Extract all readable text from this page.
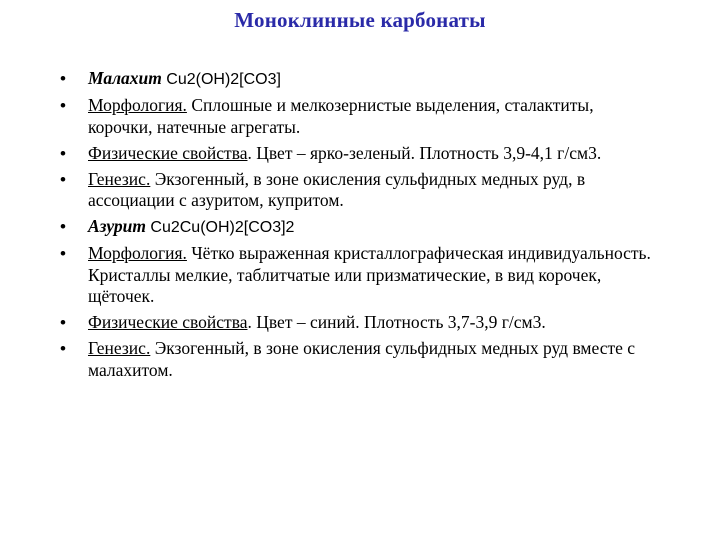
Моноклинные карбонаты
• Малахит Cu2(OH)2[CO3]
• Морфология. Сплошные и мелкозернистые выделения, сталактиты, корочки, натечные агрегаты.
• Физические свойства. Цвет – ярко-зеленый. Плотность 3,9-4,1 г/см3.
• Генезис. Экзогенный, в зоне окисления сульфидных медных руд, в ассоциации с азуритом, купритом.
• Азурит Cu2Cu(OH)2[CO3]2
• Морфология. Чётко выраженная кристаллографическая индивидуальность. Кристаллы мелкие, таблитчатые или призматические, в вид корочек, щёточек.
• Физические свойства. Цвет – синий. Плотность 3,7-3,9 г/см3.
• Генезис. Экзогенный, в зоне окисления сульфидных медных руд вместе с малахитом.
